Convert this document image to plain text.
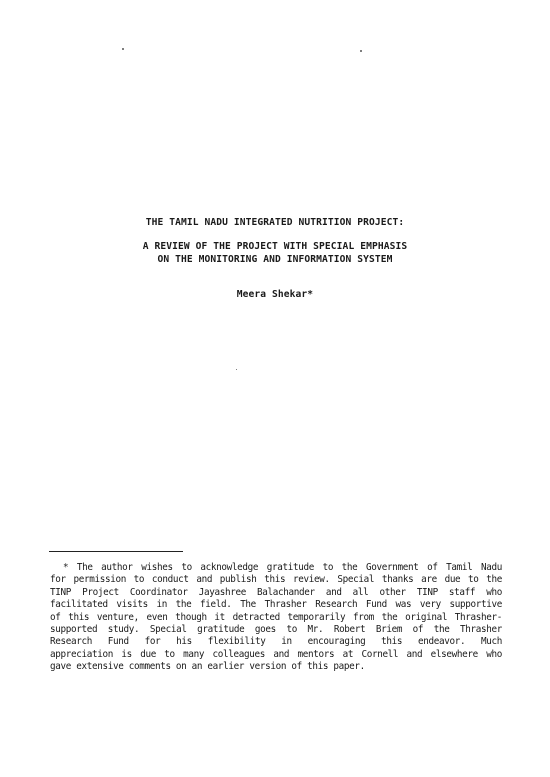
THE TAMIL NADU INTEGRATED NUTRITION PROJECT:
A REVIEW OF THE PROJECT WITH SPECIAL EMPHASIS
ON THE MONITORING AND INFORMATION SYSTEM
Meera Shekar*
* The author wishes to acknowledge gratitude to the Government of Tamil Nadu
for permission to conduct and publish this review. Special thanks are due to the
TINP Project Coordinator Jayashree Balachander and all other TINP staff who
facilitated visits in the field. The Thrasher Research Fund was very supportive
of this venture, even though it detracted temporarily from the original Thrasher-
supported study. Special gratitude goes to Mr. Robert Briem of the Thrasher
Research Fund for his flexibility in encouraging this endeavor. Much
appreciation is due to many colleagues and mentors at Cornell and elsewhere who
gave extensive comments on an earlier version of this paper.
